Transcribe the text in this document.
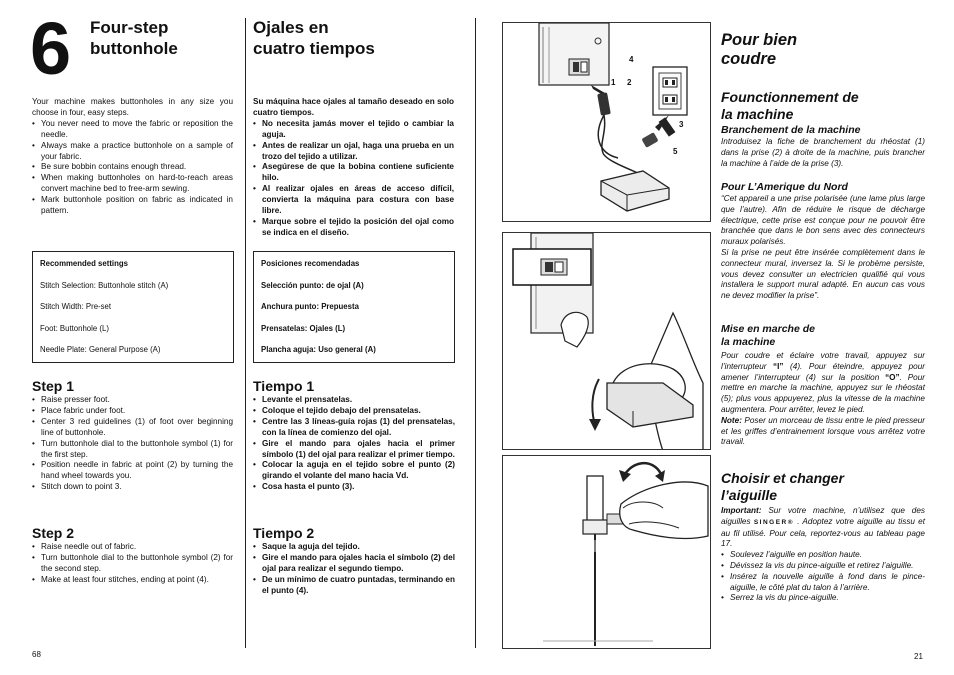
6 Four-step
buttonhole
Ojales en
cuatro tiempos
Your machine makes buttonholes in any size you choose in four, easy steps.
• You never need to move the fabric or reposition the needle.
• Always make a practice buttonhole on a sample of your fabric.
• Be sure bobbin contains enough thread.
• When making buttonholes on hard-to-reach areas convert machine bed to free-arm sewing.
• Mark buttonhole position on fabric as indicated in pattern.
Su máquina hace ojales al tamaño deseado en solo cuatro tiempos.
• No necesita jamás mover el tejido o cambiar la aguja.
• Antes de realizar un ojal, haga una prueba en un trozo del tejido a utilizar.
• Asegúrese de que la bobina contiene suficiente hilo.
• Al realizar ojales en áreas de acceso difícil, convierta la máquina para costura con base libre.
• Marque sobre el tejido la posición del ojal como se indica en el diseño.
Recommended settings
Stitch Selection: Buttonhole stitch (A)
Stitch Width: Pre-set
Foot: Buttonhole (L)
Needle Plate: General Purpose (A)
Posiciones recomendadas
Selección punto: de ojal (A)
Anchura punto: Prepuesta
Prensatelas: Ojales (L)
Plancha aguja: Uso general (A)
Step 1
• Raise presser foot.
• Place fabric under foot.
• Center 3 red guidelines (1) of foot over beginning line of buttonhole.
• Turn buttonhole dial to the buttonhole symbol (1) for the first step.
• Position needle in fabric at point (2) by turning the hand wheel towards you.
• Stitch down to point 3.
Tiempo 1
• Levante el prensatelas.
• Coloque el tejido debajo del prensatelas.
• Centre las 3 líneas-guía rojas (1) del prensatelas, con la línea de comienzo del ojal.
• Gire el mando para ojales hacia el primer símbolo (1) del ojal para realizar el primer tiempo.
• Colocar la aguja en el tejido sobre el punto (2) girando el volante del mano hacia Vd.
• Cosa hasta el punto (3).
Step 2
• Raise needle out of fabric.
• Turn buttonhole dial to the buttonhole symbol (2) for the second step.
• Make at least four stitches, ending at point (4).
Tiempo 2
• Saque la aguja del tejido.
• Gire el mando para ojales hacia el símbolo (2) del ojal para realizar el segundo tiempo.
• De un mínimo de cuatro puntadas, terminando en el punto (4).
68
4
1 2
3
5
Pour bien
coudre
Founctionnement de
la machine
Branchement de la machine
Introduisez la fiche de branchement du rhéostat (1) dans la prise (2) à droite de la machine, puis brancher la machine à l’aide de la prise (3).
Pour L’Amerique du Nord
“Cet appareil a une prise polarisée (une lame plus large que l’autre). Afin de réduire le risque de décharge électrique, cette prise est conçue pour ne pouvoir être branchée que dans le bon sens avec des connecteurs muraux polarisés.
Si la prise ne peut être insérée complètement dans le connecteur mural, inversez la. Si le probème persiste, vous devez consulter un electricien qualifié qui vous installera le support mural adapté. En aucun cas vous ne devez modifier la prise”.
Mise en marche de
la machine
Pour coudre et éclaire votre travail, appuyez sur l’interrupteur “I” (4). Pour éteindre, appuyez pour amener l’interrupteur (4) sur la position “O”. Pour mettre en marche la machine, appuyez sur le rhéostat (5); plus vous appuyerez, plus la vitesse de la machine augmentera. Pour arrêter, levez le pied.
Note: Poser un morceau de tissu entre le pied presseur et les griffes d’entrainement lorsque vous arrêtez votre travail.
Choisir et changer
l’aiguille
Important: Sur votre machine, n’utilisez que des aiguilles SINGER® . Adoptez votre aiguille au tissu et au fil utilisé. Pour cela, reportez-vous au tableau page 17.
• Soulevez l’aiguille en position haute.
• Dévissez la vis du pince-aiguille et retirez l’aiguille.
• Insérez la nouvelle aiguille à fond dans le pince-aiguille, le côté plat du talon à l’arrière.
• Serrez la vis du pince-aiguille.
21
